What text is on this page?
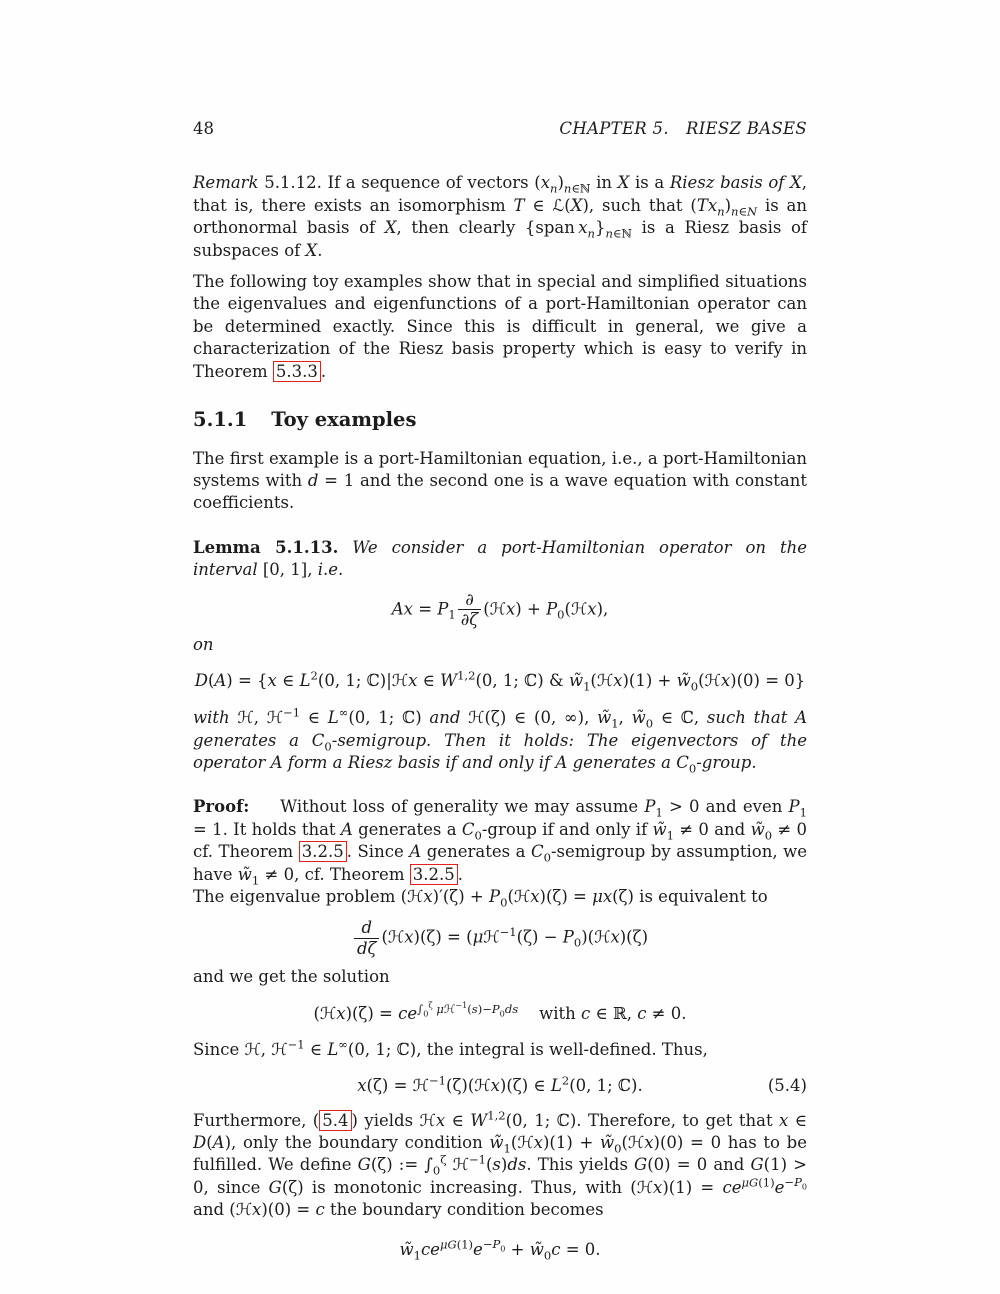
48	CHAPTER 5.  RIESZ BASES

Remark 5.1.12. If a sequence of vectors $(x_n)_{n\in ℕ}$ in X is a Riesz basis of X, that is, there exists an isomorphism T ∈ ℒ(X), such that $(Tx_n)_{n\in N}$ is an orthonormal basis of X, then clearly {span $x_n\}_{n\in ℕ}$ is a Riesz basis of subspaces of X.

The following toy examples show that in special and simplified situations the eigenvalues and eigenfunctions of a port-Hamiltonian operator can be determined exactly. Since this is difficult in general, we give a characterization of the Riesz basis property which is easy to verify in Theorem 5.3.3 .

5.1.1 Toy examples

The first example is a port-Hamiltonian equation, i.e., a port-Hamiltonian systems with d = 1 and the second one is a wave equation with constant coefficients.

Lemma 5.1.13. We consider a port-Hamiltonian operator on the interval [0, 1], i.e.

$Ax = P_1 \frac{\partial}{\partial\zeta}$ (ℋx) + $P_0(ℋx)$,

on

D(A) = {x ∈ $L^2(0$, 1; ℂ)|ℋx ∈ W$^{1,2}$(0, 1; ℂ) & $w̃_1(ℋx)(1)$ + $w̃_0(ℋx)(0) = 0$}

with ℋ, ℋ$^{-1}$ ∈ L∞(0, 1; ℂ) and ℋ(ζ) ∈ (0, ∞), $w̃_1$, $w̃_0$ ∈ ℂ, such that A generates a $C_0$-semigroup. Then it holds: The eigenvectors of the operator A form a Riesz basis if and only if A generates a $C_0$-group.

Proof:     Without loss of generality we may assume $P_1 > 0$ and even $P_1 = 1$. It holds that A generates a $C_0$-group if and only if $w̃_1 \ne 0$ and $w̃_0 \ne 0$ cf. Theorem 3.2.5 . Since A generates a $C_0$-semigroup by assumption, we have $w̃_1 \ne 0$, cf. Theorem 3.2.5 .
The eigenvalue problem (ℋx)′(ζ) + $P_0(ℋx)(\zeta) = \mu x(\zeta)$ is equivalent to

$\frac{d}{d\zeta}$ (ℋx)(ζ) = (μℋ$^{-1}$(ζ) − $P_0)(ℋx)(\zeta)$

and we get the solution

(ℋx)(ζ) = $ce^{\int_0^\zeta \mu ℋ^{-1}(s)-P_0ds}$    with c ∈ ℝ, c ≠ 0.

Since ℋ, ℋ$^{-1}$ ∈ L∞(0, 1; ℂ), the integral is well-defined. Thus,

x(ζ) = ℋ$^{-1}$(ζ)(ℋx)(ζ) ∈ $L^2(0$, 1; ℂ).	(5.4)

Furthermore, ( 5.4 ) yields ℋx ∈ W$^{1,2}$(0, 1; ℂ). Therefore, to get that x ∈ D(A), only the boundary condition $w̃_1(ℋx)(1)$ + $w̃_0(ℋx)(0) = 0$ has to be fulfilled. We define G(ζ) := $\int_0^\zeta$ ℋ$^{-1}$(s)ds. This yields G(0) = 0 and G(1) > 0, since G(ζ) is monotonic increasing. Thus, with (ℋx)(1) = $ce^{\mu G(1)}e^{-P_0}$ and (ℋx)(0) = c the boundary condition becomes

$w̃_1ce^{\mu G(1)}e^{-P_0}$ + $w̃_0c = 0$.
